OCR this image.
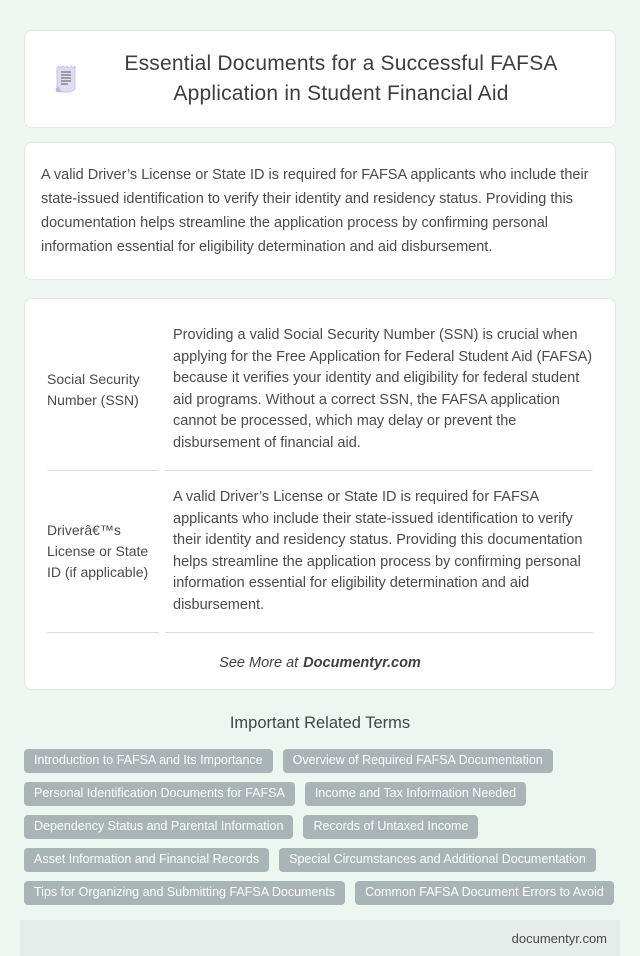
Essential Documents for a Successful FAFSA Application in Student Financial Aid

A valid Driver’s License or State ID is required for FAFSA applicants who include their state-issued identification to verify their identity and residency status. Providing this documentation helps streamline the application process by confirming personal information essential for eligibility determination and aid disbursement.

Social Security Number (SSN)	Providing a valid Social Security Number (SSN) is crucial when applying for the Free Application for Federal Student Aid (FAFSA) because it verifies your identity and eligibility for federal student aid programs. Without a correct SSN, the FAFSA application cannot be processed, which may delay or prevent the disbursement of financial aid.
Driverâ€™s License or State ID (if applicable)	A valid Driver’s License or State ID is required for FAFSA applicants who include their state-issued identification to verify their identity and residency status. Providing this documentation helps streamline the application process by confirming personal information essential for eligibility determination and aid disbursement.
See More at Documentyr.com
Important Related Terms
Introduction to FAFSA and Its Importance	Overview of Required FAFSA Documentation
Personal Identification Documents for FAFSA	Income and Tax Information Needed
Dependency Status and Parental Information	Records of Untaxed Income
Asset Information and Financial Records	Special Circumstances and Additional Documentation
Tips for Organizing and Submitting FAFSA Documents	Common FAFSA Document Errors to Avoid
documentyr.com
